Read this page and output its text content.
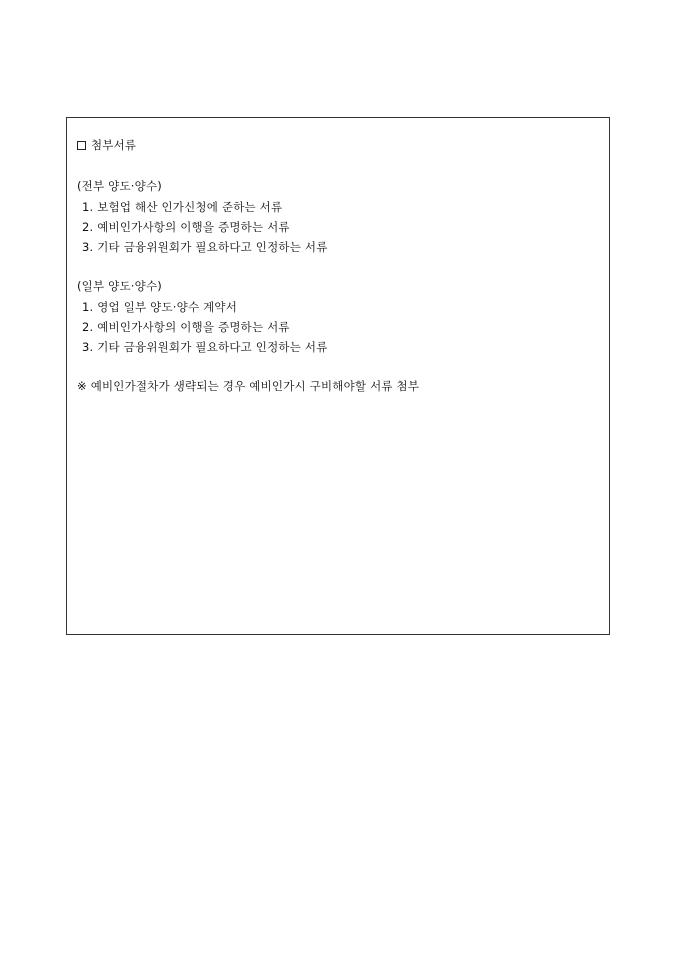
첨부서류
(전부 양도·양수)
1. 보험업 해산 인가신청에 준하는 서류
2. 예비인가사항의 이행을 증명하는 서류
3. 기타 금융위원회가 필요하다고 인정하는 서류
(일부 양도·양수)
1. 영업 일부 양도·양수 계약서
2. 예비인가사항의 이행을 증명하는 서류
3. 기타 금융위원회가 필요하다고 인정하는 서류
※ 예비인가절차가 생략되는 경우 예비인가시 구비해야할 서류 첨부
